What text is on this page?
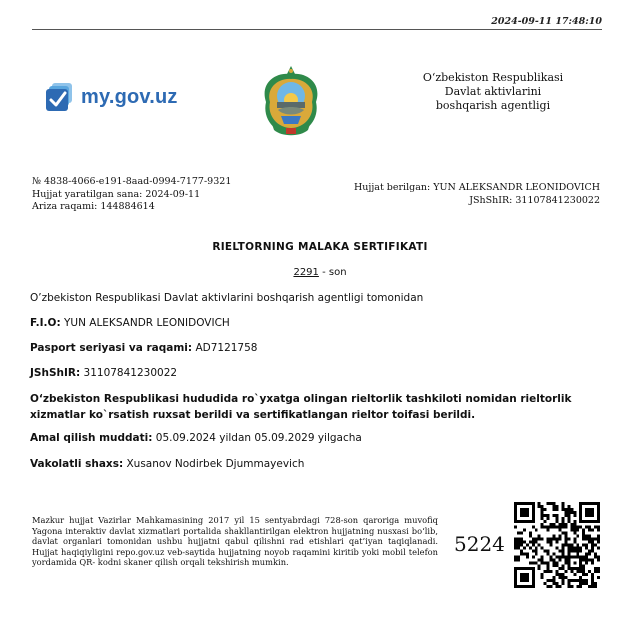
2024-09-11 17:48:10
my.gov.uz
O‘zbekiston Respublikasi
Davlat aktivlarini
boshqarish agentligi
№ 4838-4066-e191-8aad-0994-7177-9321
Hujjat yaratilgan sana: 2024-09-11
Ariza raqami: 144884614
Hujjat berilgan: YUN ALEKSANDR LEONIDOVICH
JShShIR: 31107841230022
RIELTORNING MALAKA SERTIFIKATI
2291 - son
O’zbekiston Respublikasi Davlat aktivlarini boshqarish agentligi tomonidan
F.I.O: YUN ALEKSANDR LEONIDOVICH
Pasport seriyasi va raqami: AD7121758
JShShIR: 31107841230022
O‘zbekiston Respublikasi hududida ro`yxatga olingan rieltorlik tashkiloti nomidan rieltorlik xizmatlar ko`rsatish ruxsat berildi va sertifikatlangan rieltor toifasi berildi.
Amal qilish muddati: 05.09.2024 yildan 05.09.2029 yilgacha
Vakolatli shaxs: Xusanov Nodirbek Djummayevich
Mazkur hujjat Vazirlar Mahkamasining 2017 yil 15 sentyabrdagi 728-son qaroriga muvofiq Yagona interaktiv davlat xizmatlari portalida shakllantirilgan elektron hujjatning nusxasi bo‘lib, davlat organlari tomonidan ushbu hujjatni qabul qilishni rad etishlari qat’iyan taqiqlanadi. Hujjat haqiqiyligini repo.gov.uz veb-saytida hujjatning noyob raqamini kiritib yoki mobil telefon yordamida QR- kodni skaner qilish orqali tekshirish mumkin.
5224
